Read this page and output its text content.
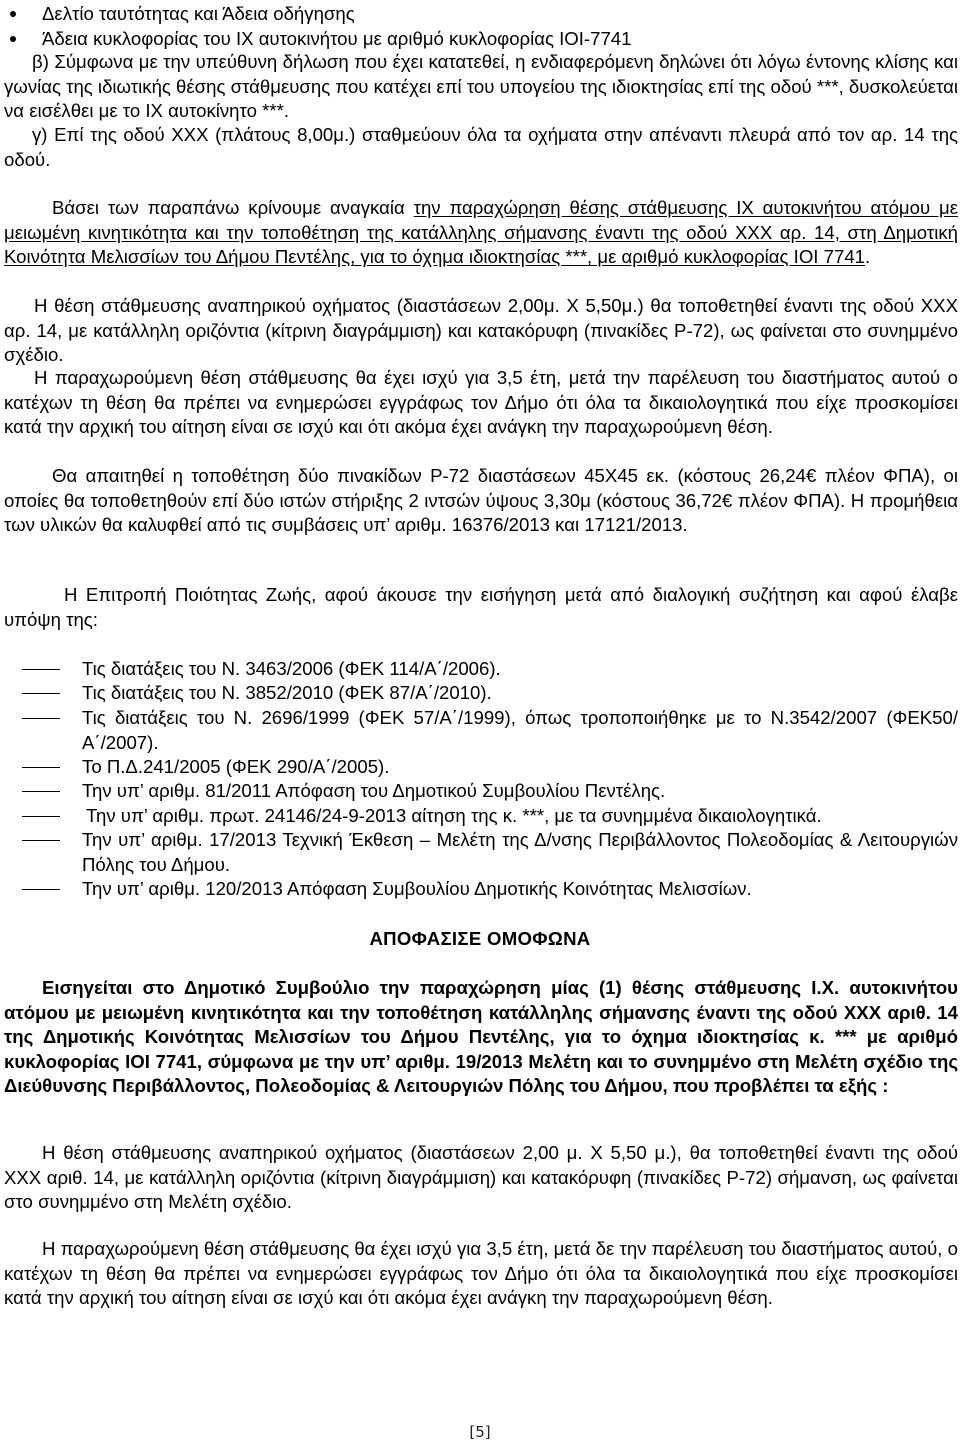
Δελτίο ταυτότητας και Άδεια οδήγησης
Άδεια κυκλοφορίας του ΙΧ αυτοκινήτου με αριθμό κυκλοφορίας ΙΟΙ-7741
β) Σύμφωνα με την υπεύθυνη δήλωση που έχει κατατεθεί, η ενδιαφερόμενη δηλώνει ότι λόγω έντονης κλίσης και γωνίας της ιδιωτικής θέσης στάθμευσης που κατέχει επί του υπογείου της ιδιοκτησίας επί της οδού ***, δυσκολεύεται να εισέλθει με το ΙΧ αυτοκίνητο ***.
γ) Επί της οδού ΧΧΧ (πλάτους 8,00μ.) σταθμεύουν όλα τα οχήματα στην απέναντι πλευρά από τον αρ. 14 της οδού.
Βάσει των παραπάνω κρίνουμε αναγκαία την παραχώρηση θέσης στάθμευσης ΙΧ αυτοκινήτου ατόμου με μειωμένη κινητικότητα και την τοποθέτηση της κατάλληλης σήμανσης έναντι της οδού ΧΧΧ αρ. 14, στη Δημοτική Κοινότητα Μελισσίων του Δήμου Πεντέλης, για το όχημα ιδιοκτησίας ***, με αριθμό κυκλοφορίας ΙΟΙ 7741.
Η θέση στάθμευσης αναπηρικού οχήματος (διαστάσεων 2,00μ. Χ 5,50μ.) θα τοποθετηθεί έναντι της οδού ΧΧΧ αρ. 14, με κατάλληλη οριζόντια (κίτρινη διαγράμμιση) και κατακόρυφη (πινακίδες Ρ-72), ως φαίνεται στο συνημμένο σχέδιο.
Η παραχωρούμενη θέση στάθμευσης θα έχει ισχύ για 3,5 έτη, μετά την παρέλευση του διαστήματος αυτού ο κατέχων τη θέση θα πρέπει να ενημερώσει εγγράφως τον Δήμο ότι όλα τα δικαιολογητικά που είχε προσκομίσει κατά την αρχική του αίτηση είναι σε ισχύ και ότι ακόμα έχει ανάγκη την παραχωρούμενη θέση.
Θα απαιτηθεί η τοποθέτηση δύο πινακίδων Ρ-72 διαστάσεων 45Χ45 εκ. (κόστους 26,24€ πλέον ΦΠΑ), οι οποίες θα τοποθετηθούν επί δύο ιστών στήριξης 2 ιντσών ύψους 3,30μ (κόστους 36,72€ πλέον ΦΠΑ). Η προμήθεια των υλικών θα καλυφθεί από τις συμβάσεις υπ’ αριθμ. 16376/2013 και 17121/2013.
Η Επιτροπή Ποιότητας Ζωής, αφού άκουσε την εισήγηση μετά από διαλογική συζήτηση και αφού έλαβε υπόψη της:
Τις διατάξεις του Ν. 3463/2006 (ΦΕΚ 114/Α΄/2006).
Τις διατάξεις του Ν. 3852/2010 (ΦΕΚ 87/Α΄/2010).
Τις διατάξεις του Ν. 2696/1999 (ΦΕΚ 57/Α΄/1999), όπως τροποποιήθηκε με το Ν.3542/2007 (ΦΕΚ50/Α΄/2007).
Το Π.Δ.241/2005 (ΦΕΚ 290/Α΄/2005).
Την υπ’ αριθμ. 81/2011 Απόφαση του Δημοτικού Συμβουλίου Πεντέλης.
Την υπ’ αριθμ. πρωτ. 24146/24-9-2013 αίτηση της κ. ***, με τα συνημμένα δικαιολογητικά.
Την υπ’ αριθμ. 17/2013 Τεχνική Έκθεση – Μελέτη της Δ/νσης Περιβάλλοντος Πολεοδομίας & Λειτουργιών Πόλης του Δήμου.
Την υπ’ αριθμ. 120/2013 Απόφαση Συμβουλίου Δημοτικής Κοινότητας Μελισσίων.
ΑΠΟΦΑΣΙΣΕ ΟΜΟΦΩΝΑ
Εισηγείται στο Δημοτικό Συμβούλιο την παραχώρηση μίας (1) θέσης στάθμευσης Ι.Χ. αυτοκινήτου ατόμου με μειωμένη κινητικότητα και την τοποθέτηση κατάλληλης σήμανσης έναντι της οδού ΧΧΧ αριθ. 14 της Δημοτικής Κοινότητας Μελισσίων του Δήμου Πεντέλης, για το όχημα ιδιοκτησίας κ. *** με αριθμό κυκλοφορίας ΙΟΙ 7741, σύμφωνα με την υπ’ αριθμ. 19/2013 Μελέτη και το συνημμένο στη Μελέτη σχέδιο της Διεύθυνσης Περιβάλλοντος, Πολεοδομίας & Λειτουργιών Πόλης του Δήμου, που προβλέπει τα εξής :
Η θέση στάθμευσης αναπηρικού οχήματος (διαστάσεων 2,00 μ. Χ 5,50 μ.), θα τοποθετηθεί έναντι της οδού ΧΧΧ αριθ. 14, με κατάλληλη οριζόντια (κίτρινη διαγράμμιση) και κατακόρυφη (πινακίδες Ρ-72) σήμανση, ως φαίνεται στο συνημμένο στη Μελέτη σχέδιο.
Η παραχωρούμενη θέση στάθμευσης θα έχει ισχύ για 3,5 έτη, μετά δε την παρέλευση του διαστήματος αυτού, ο κατέχων τη θέση θα πρέπει να ενημερώσει εγγράφως τον Δήμο ότι όλα τα δικαιολογητικά που είχε προσκομίσει κατά την αρχική του αίτηση είναι σε ισχύ και ότι ακόμα έχει ανάγκη την παραχωρούμενη θέση.
[5]
